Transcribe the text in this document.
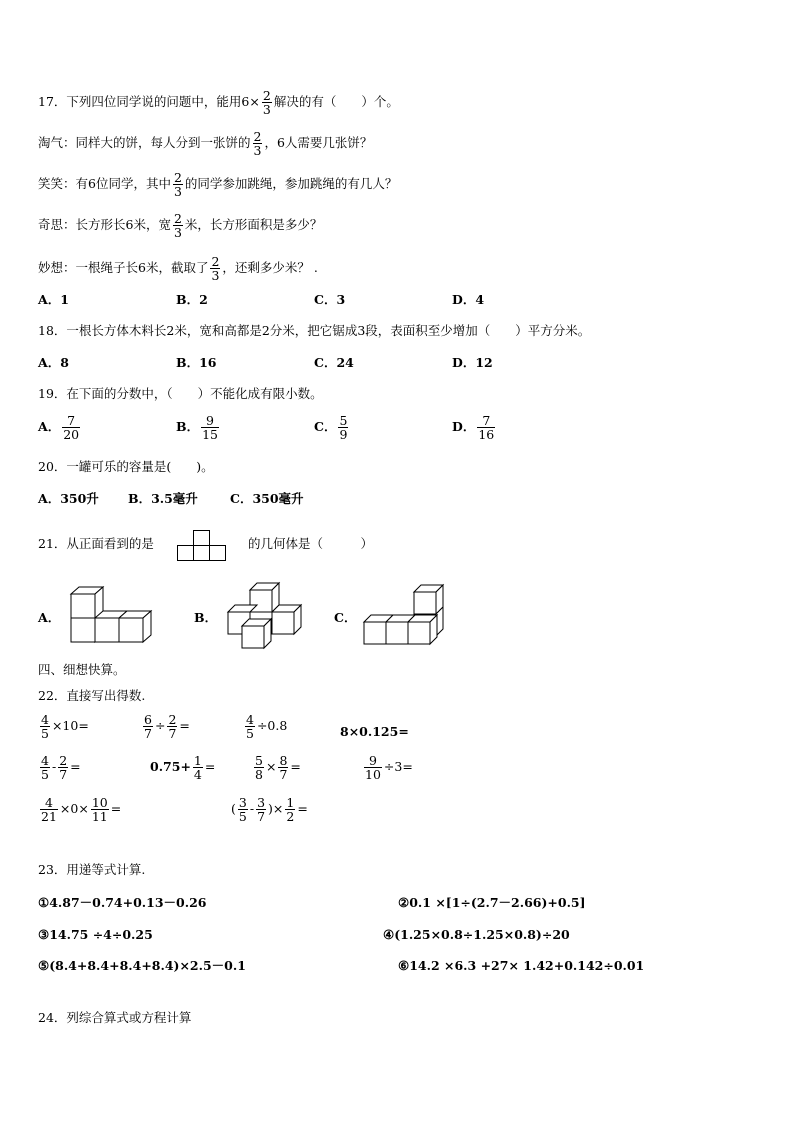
17．下列四位同学说的问题中，能用$6\times \frac{2}{3}$ 解决的有（　　）个。
淘气：同样大的饼，每人分到一张饼的 $\frac{2}{3}$ ，6人需要几张饼？
笑笑：有6位同学，其中 $\frac{2}{3}$ 的同学参加跳绳，参加跳绳的有几人？
奇思：长方形长6米，宽 $\frac{2}{3}$ 米，长方形面积是多少？
妙想：一根绳子长6米，截取了 $\frac{2}{3}$ ，还剩多少米？ .
A．1	B．2	C．3	D．4
18．一根长方体木料长2米，宽和高都是2分米，把它锯成3段，表面积至少增加（　　）平方分米。
A．8	B．16	C．24	D．12
19．在下面的分数中，（　　）不能化成有限小数。
A． $\frac{7}{20}$	B． $\frac{9}{15}$	C． $\frac{5}{9}$	D． $\frac{7}{16}$
20．一罐可乐的容量是(　　)。
A．350升 B．3.5毫升	C．350毫升
21．从正面看到的是	的几何体是（　　　）
A．	B．	C．
四、细想快算。
22．直接写出得数.
$\frac{4}{5} \times 10=$	$\frac{6}{7} \div \frac{2}{7}$ =	$\frac{4}{5} \div 0.8$	8×0.125=
$\frac{4}{5} - \frac{2}{7}$ =	$0.75+ \frac{1}{4}$ =	$\frac{5}{8} \times \frac{8}{7}$ =	$\frac{9}{10} \div 3=$
$\frac{4}{21} \times 0\times \frac{10}{11}$ =	( $\frac{3}{5} - \frac{3}{7}$ )× $\frac{1}{2}$ =
23．用递等式计算.
①4.87－0.74+0.13－0.26	②0.1 ×[1÷(2.7－2.66)+0.5]
③14.75 ÷4÷0.25	④(1.25×0.8÷1.25×0.8)÷20
⑤(8.4+8.4+8.4+8.4)×2.5－0.1	⑥14.2 ×6.3 +27× 1.42+0.142÷0.01
24．列综合算式或方程计算
